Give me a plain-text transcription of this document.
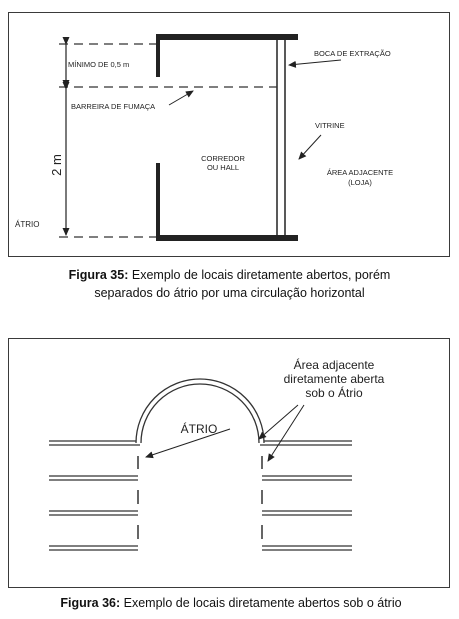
MÍNIMO DE 0,5 m
2 m
BARREIRA DE FUMAÇA
BOCA DE EXTRAÇÃO
VITRINE
CORREDOR
OU HALL
ÁREA ADJACENTE
(LOJA)
ÁTRIO
Figura 35: Exemplo de locais diretamente abertos, porém
separados do átrio por uma circulação horizontal
ÁTRIO
Área adjacente
diretamente aberta
sob o Átrio
Figura 36: Exemplo de locais diretamente abertos sob o átrio
